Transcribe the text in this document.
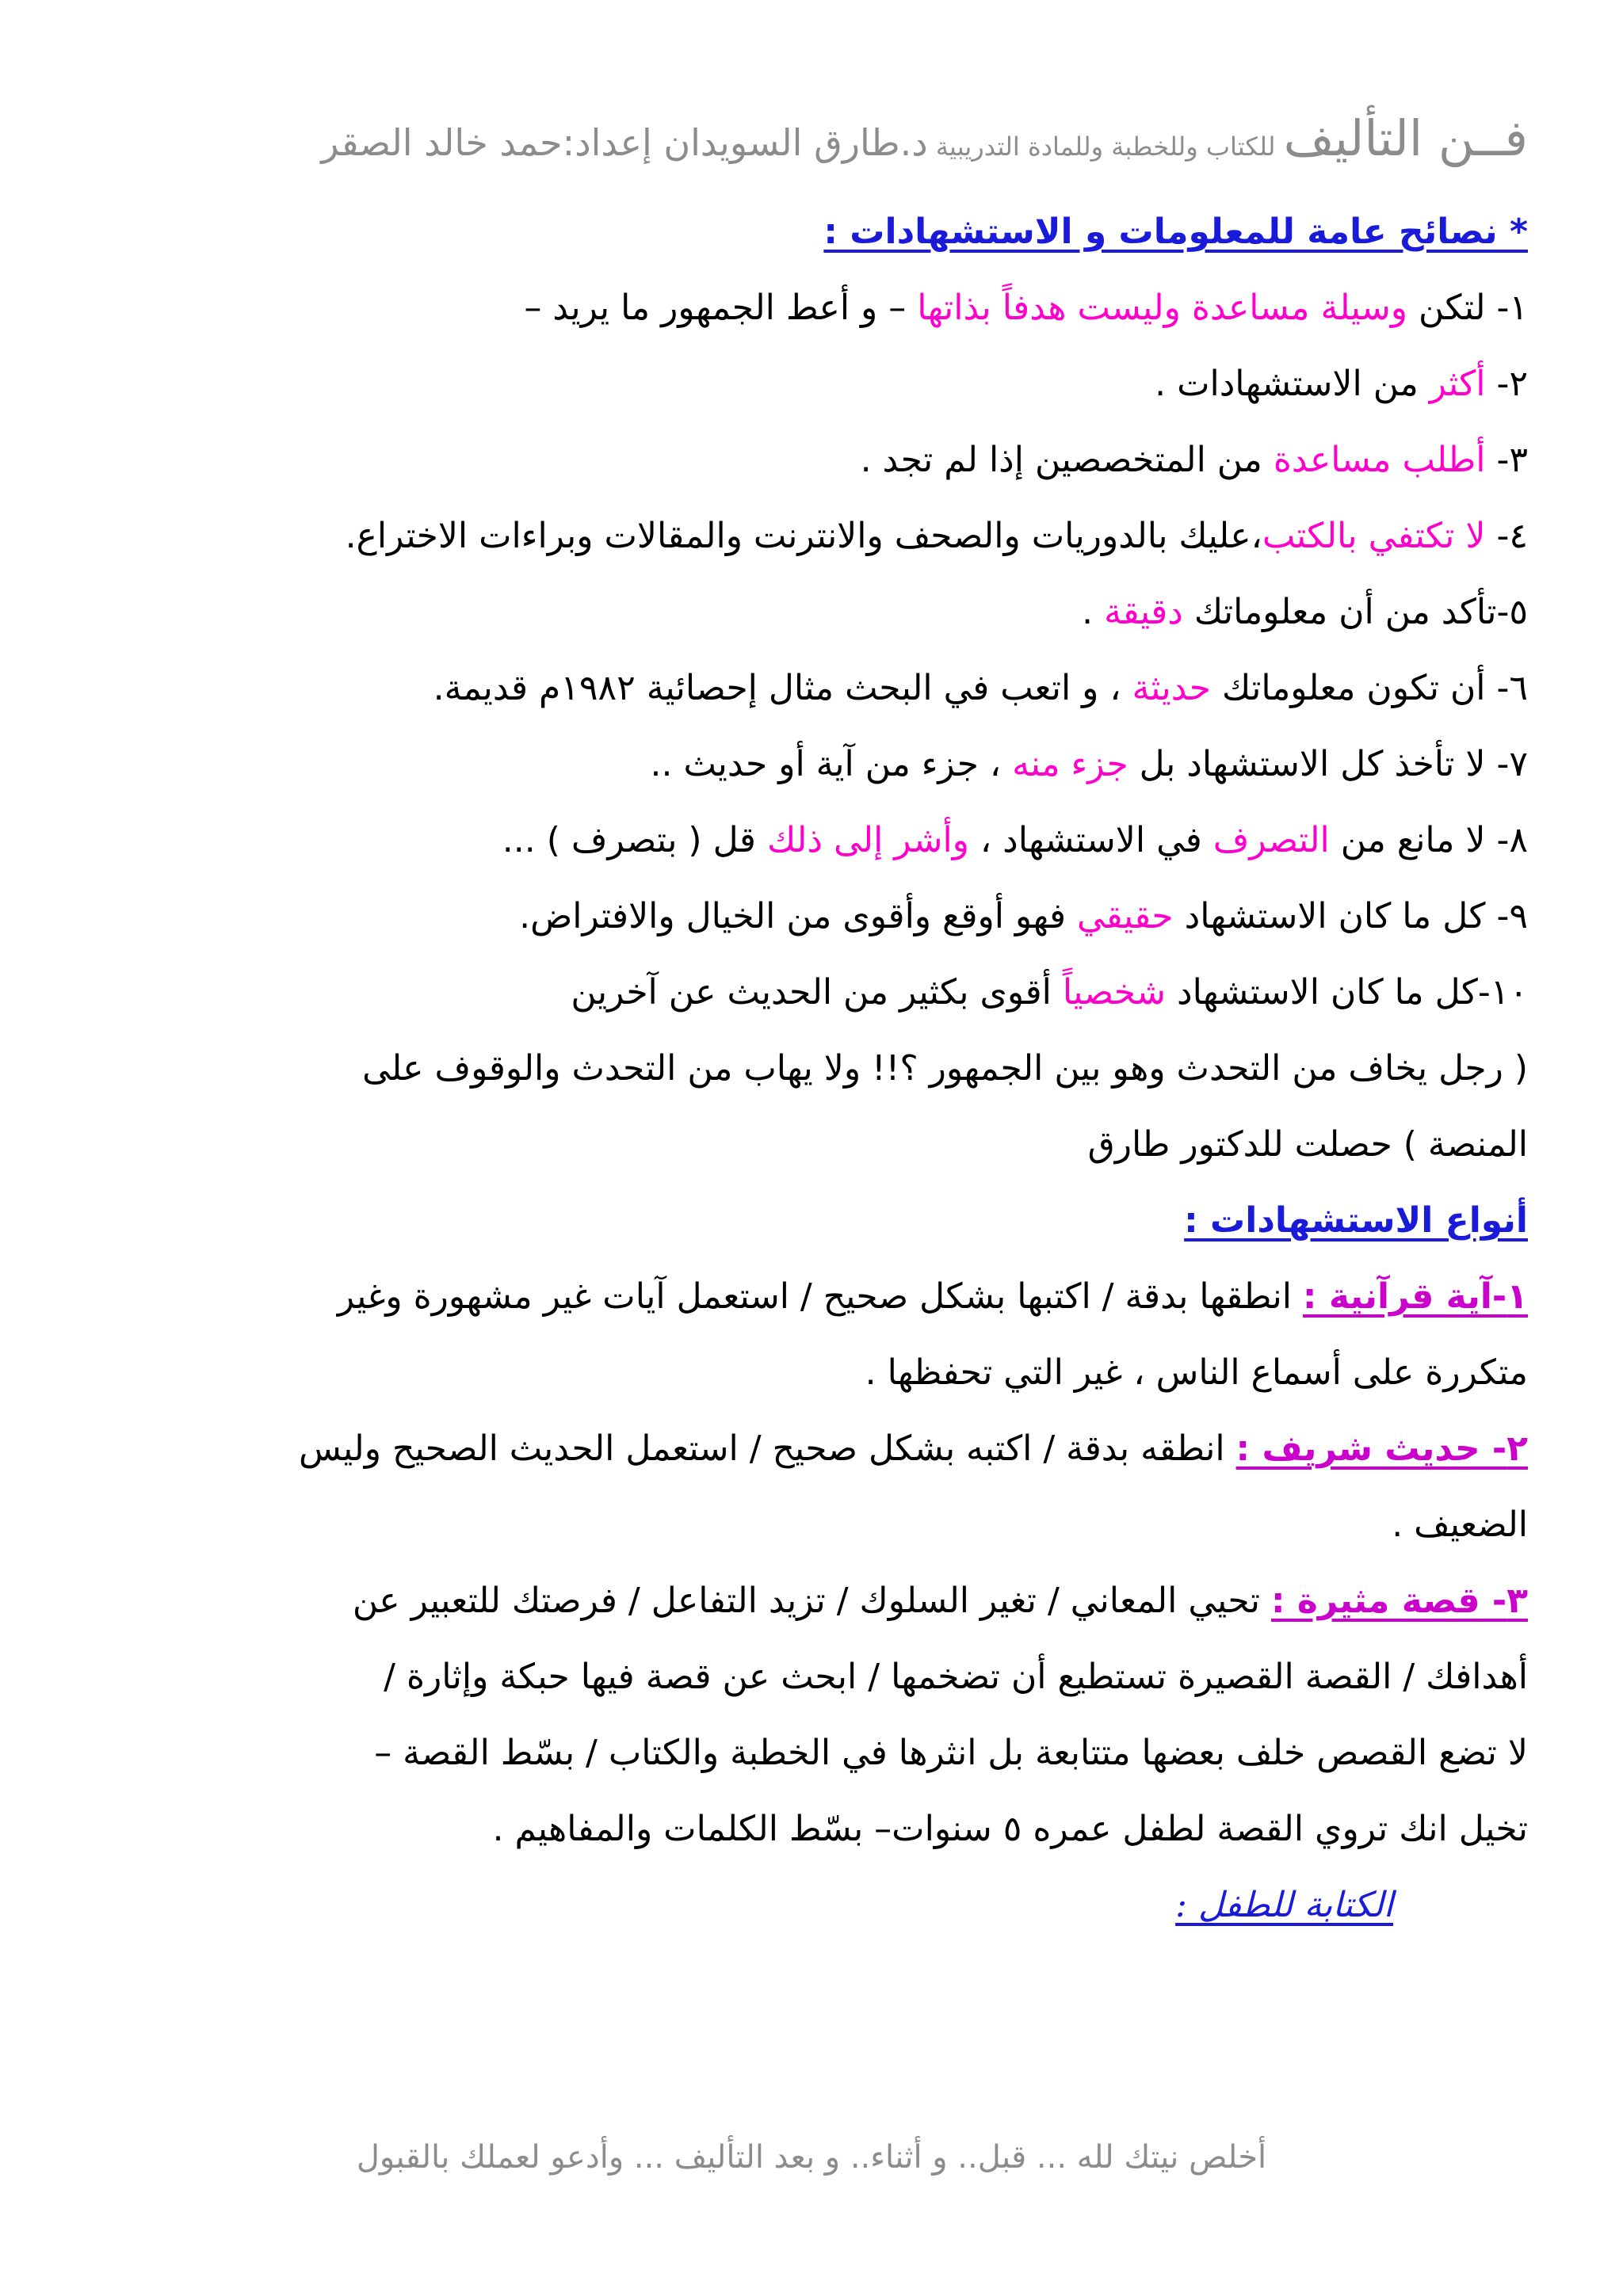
فــن التأليف للكتاب وللخطبة وللمادة التدريبية د.طارق السويدان إعداد:حمد خالد الصقر
* نصائح عامة للمعلومات و الاستشهادات :
١- لتكن وسيلة مساعدة وليست هدفاً بذاتها – و أعط الجمهور ما يريد –
٢- أكثر من الاستشهادات .
٣- أطلب مساعدة من المتخصصين إذا لم تجد .
٤- لا تكتفي بالكتب،عليك بالدوريات والصحف والانترنت والمقالات وبراءات الاختراع.
٥-تأكد من أن معلوماتك دقيقة .
٦- أن تكون معلوماتك حديثة ، و اتعب في البحث مثال إحصائية ١٩٨٢م قديمة.
٧- لا تأخذ كل الاستشهاد بل جزء منه ، جزء من آية أو حديث ..
٨- لا مانع من التصرف في الاستشهاد ، وأشر إلى ذلك قل ( بتصرف ) ...
٩- كل ما كان الاستشهاد حقيقي فهو أوقع وأقوى من الخيال والافتراض.
١٠-كل ما كان الاستشهاد شخصياً أقوى بكثير من الحديث عن آخرين
( رجل يخاف من التحدث وهو بين الجمهور ؟!! ولا يهاب من التحدث والوقوف على
المنصة ) حصلت للدكتور طارق
أنواع الاستشهادات :
١-آية قرآنية : انطقها بدقة / اكتبها بشكل صحيح / استعمل آيات غير مشهورة وغير
متكررة على أسماع الناس ، غير التي تحفظها .
٢- حديث شريف : انطقه بدقة / اكتبه بشكل صحيح / استعمل الحديث الصحيح وليس
الضعيف .
٣- قصة مثيرة : تحيي المعاني / تغير السلوك / تزيد التفاعل / فرصتك للتعبير عن
أهدافك / القصة القصيرة تستطيع أن تضخمها / ابحث عن قصة فيها حبكة وإثارة /
لا تضع القصص خلف بعضها متتابعة بل انثرها في الخطبة والكتاب / بسّط القصة –
تخيل انك تروي القصة لطفل عمره ٥ سنوات– بسّط الكلمات والمفاهيم .
الكتابة للطفل :
أخلص نيتك لله ... قبل.. و أثناء.. و بعد التأليف ... وأدعو لعملك بالقبول
